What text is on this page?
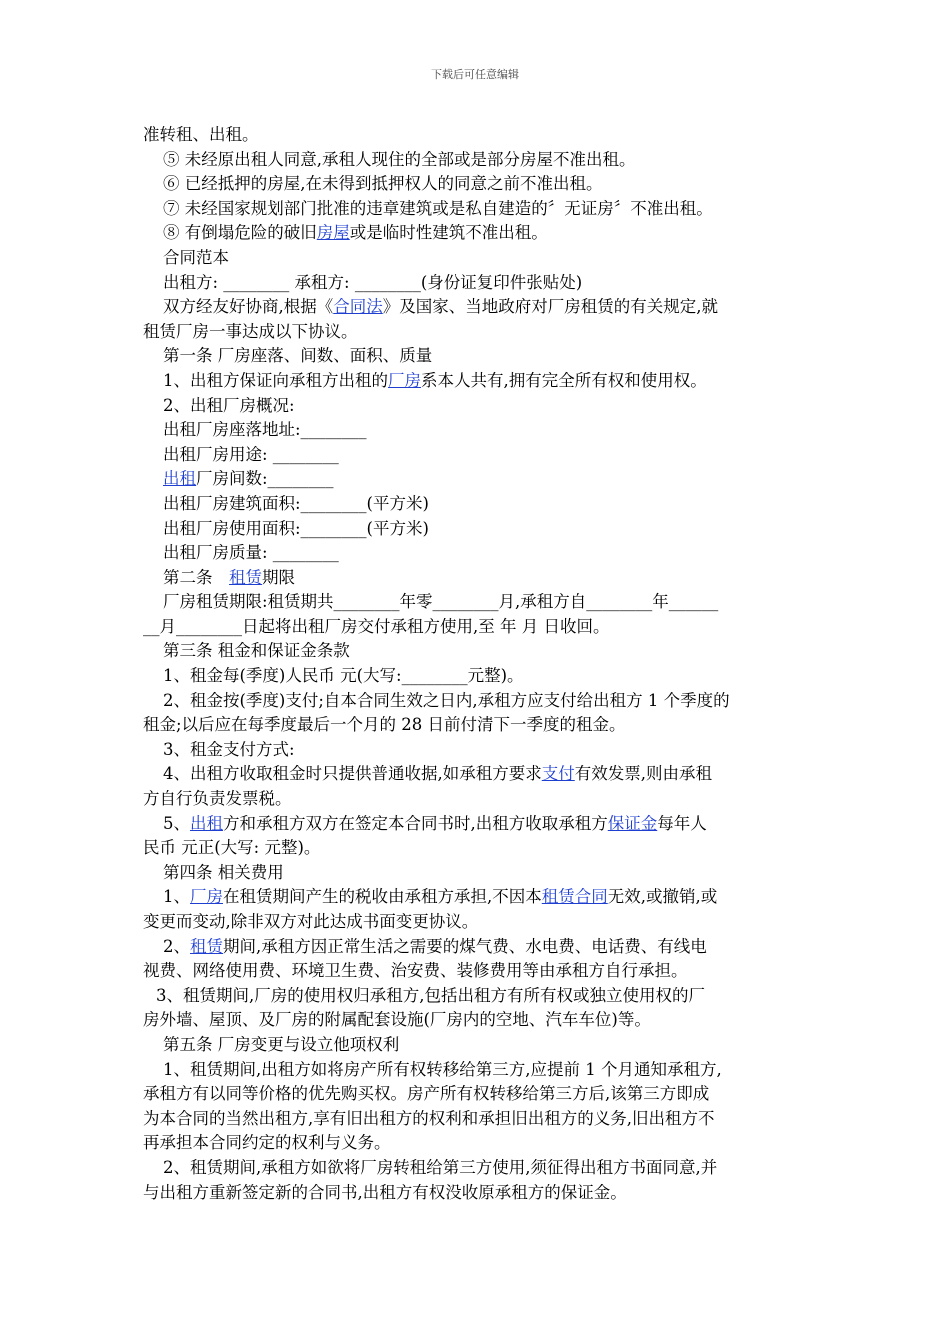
下载后可任意编辑
准转租、出租。
⑤ 未经原出租人同意,承租人现住的全部或是部分房屋不准出租。
⑥ 已经抵押的房屋,在未得到抵押权人的同意之前不准出租。
⑦ 未经国家规划部门批准的违章建筑或是私自建造的〞无证房〞不准出租。
⑧ 有倒塌危险的破旧房屋或是临时性建筑不准出租。
合同范本
出租方: ________ 承租方: ________(身份证复印件张贴处)
双方经友好协商,根据《合同法》及国家、当地政府对厂房租赁的有关规定,就
租赁厂房一事达成以下协议。
第一条 厂房座落、间数、面积、质量
1、出租方保证向承租方出租的厂房系本人共有,拥有完全所有权和使用权。
2、出租厂房概况:
出租厂房座落地址:________
出租厂房用途: ________
出租厂房间数:________
出租厂房建筑面积:________(平方米)
出租厂房使用面积:________(平方米)
出租厂房质量: ________
第二条　租赁期限
厂房租赁期限:租赁期共________年零________月,承租方自________年______
__月________日起将出租厂房交付承租方使用,至 年 月 日收回。
第三条 租金和保证金条款
1、租金每(季度)人民币 元(大写:________元整)。
2、租金按(季度)支付;自本合同生效之日内,承租方应支付给出租方 1 个季度的
租金;以后应在每季度最后一个月的 28 日前付清下一季度的租金。
3、租金支付方式:
4、出租方收取租金时只提供普通收据,如承租方要求支付有效发票,则由承租
方自行负责发票税。
5、出租方和承租方双方在签定本合同书时,出租方收取承租方保证金每年人
民币 元正(大写: 元整)。
第四条 相关费用
1、厂房在租赁期间产生的税收由承租方承担,不因本租赁合同无效,或撤销,或
变更而变动,除非双方对此达成书面变更协议。
2、租赁期间,承租方因正常生活之需要的煤气费、水电费、电话费、有线电
视费、网络使用费、环境卫生费、治安费、装修费用等由承租方自行承担。
3、租赁期间,厂房的使用权归承租方,包括出租方有所有权或独立使用权的厂
房外墙、屋顶、及厂房的附属配套设施(厂房内的空地、汽车车位)等。
第五条 厂房变更与设立他项权利
1、租赁期间,出租方如将房产所有权转移给第三方,应提前 1 个月通知承租方,
承租方有以同等价格的优先购买权。房产所有权转移给第三方后,该第三方即成
为本合同的当然出租方,享有旧出租方的权利和承担旧出租方的义务,旧出租方不
再承担本合同约定的权利与义务。
2、租赁期间,承租方如欲将厂房转租给第三方使用,须征得出租方书面同意,并
与出租方重新签定新的合同书,出租方有权没收原承租方的保证金。
